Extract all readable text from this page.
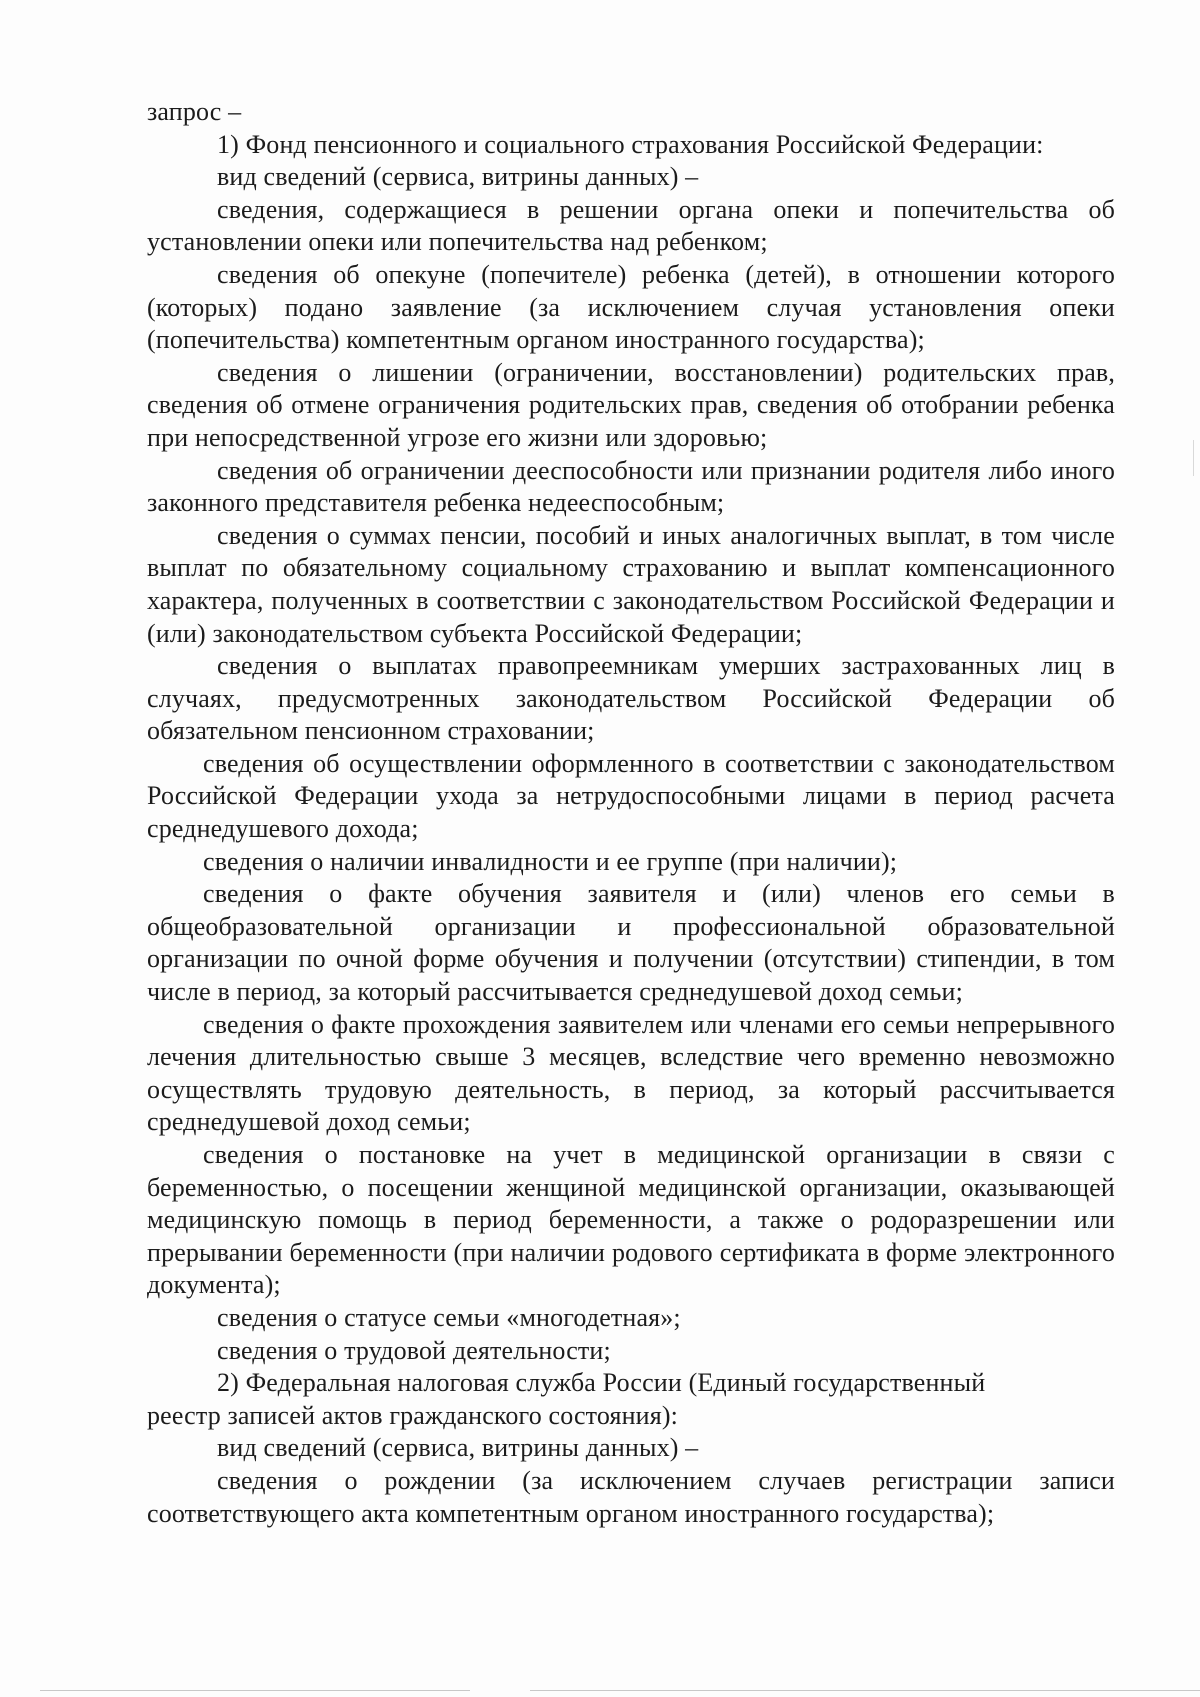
запрос –

1) Фонд пенсионного и социального страхования Российской Федерации:

вид сведений (сервиса, витрины данных) –

сведения, содержащиеся в решении органа опеки и попечительства об установлении опеки или попечительства над ребенком;

сведения об опекуне (попечителе) ребенка (детей), в отношении которого (которых) подано заявление (за исключением случая установления опеки (попечительства) компетентным органом иностранного государства);

сведения о лишении (ограничении, восстановлении) родительских прав, сведения об отмене ограничения родительских прав, сведения об отобрании ребенка при непосредственной угрозе его жизни или здоровью;

сведения об ограничении дееспособности или признании родителя либо иного законного представителя ребенка недееспособным;

сведения о суммах пенсии, пособий и иных аналогичных выплат, в том числе выплат по обязательному социальному страхованию и выплат компенсационного характера, полученных в соответствии с законодательством Российской Федерации и (или) законодательством субъекта Российской Федерации;

сведения о выплатах правопреемникам умерших застрахованных лиц в случаях, предусмотренных законодательством Российской Федерации об обязательном пенсионном страховании;

сведения об осуществлении оформленного в соответствии с законодательством Российской Федерации ухода за нетрудоспособными лицами в период расчета среднедушевого дохода;

сведения о наличии инвалидности и ее группе (при наличии);

сведения о факте обучения заявителя и (или) членов его семьи в общеобразовательной организации и профессиональной образовательной организации по очной форме обучения и получении (отсутствии) стипендии, в том числе в период, за который рассчитывается среднедушевой доход семьи;

сведения о факте прохождения заявителем или членами его семьи непрерывного лечения длительностью свыше 3 месяцев, вследствие чего временно невозможно осуществлять трудовую деятельность, в период, за который рассчитывается среднедушевой доход семьи;

сведения о постановке на учет в медицинской организации в связи с беременностью, о посещении женщиной медицинской организации, оказывающей медицинскую помощь в период беременности, а также о родоразрешении или прерывании беременности (при наличии родового сертификата в форме электронного документа);

сведения о статусе семьи «многодетная»;

сведения о трудовой деятельности;

2) Федеральная налоговая служба России (Единый государственный реестр записей актов гражданского состояния):

вид сведений (сервиса, витрины данных) –

сведения о рождении (за исключением случаев регистрации записи соответствующего акта компетентным органом иностранного государства);
